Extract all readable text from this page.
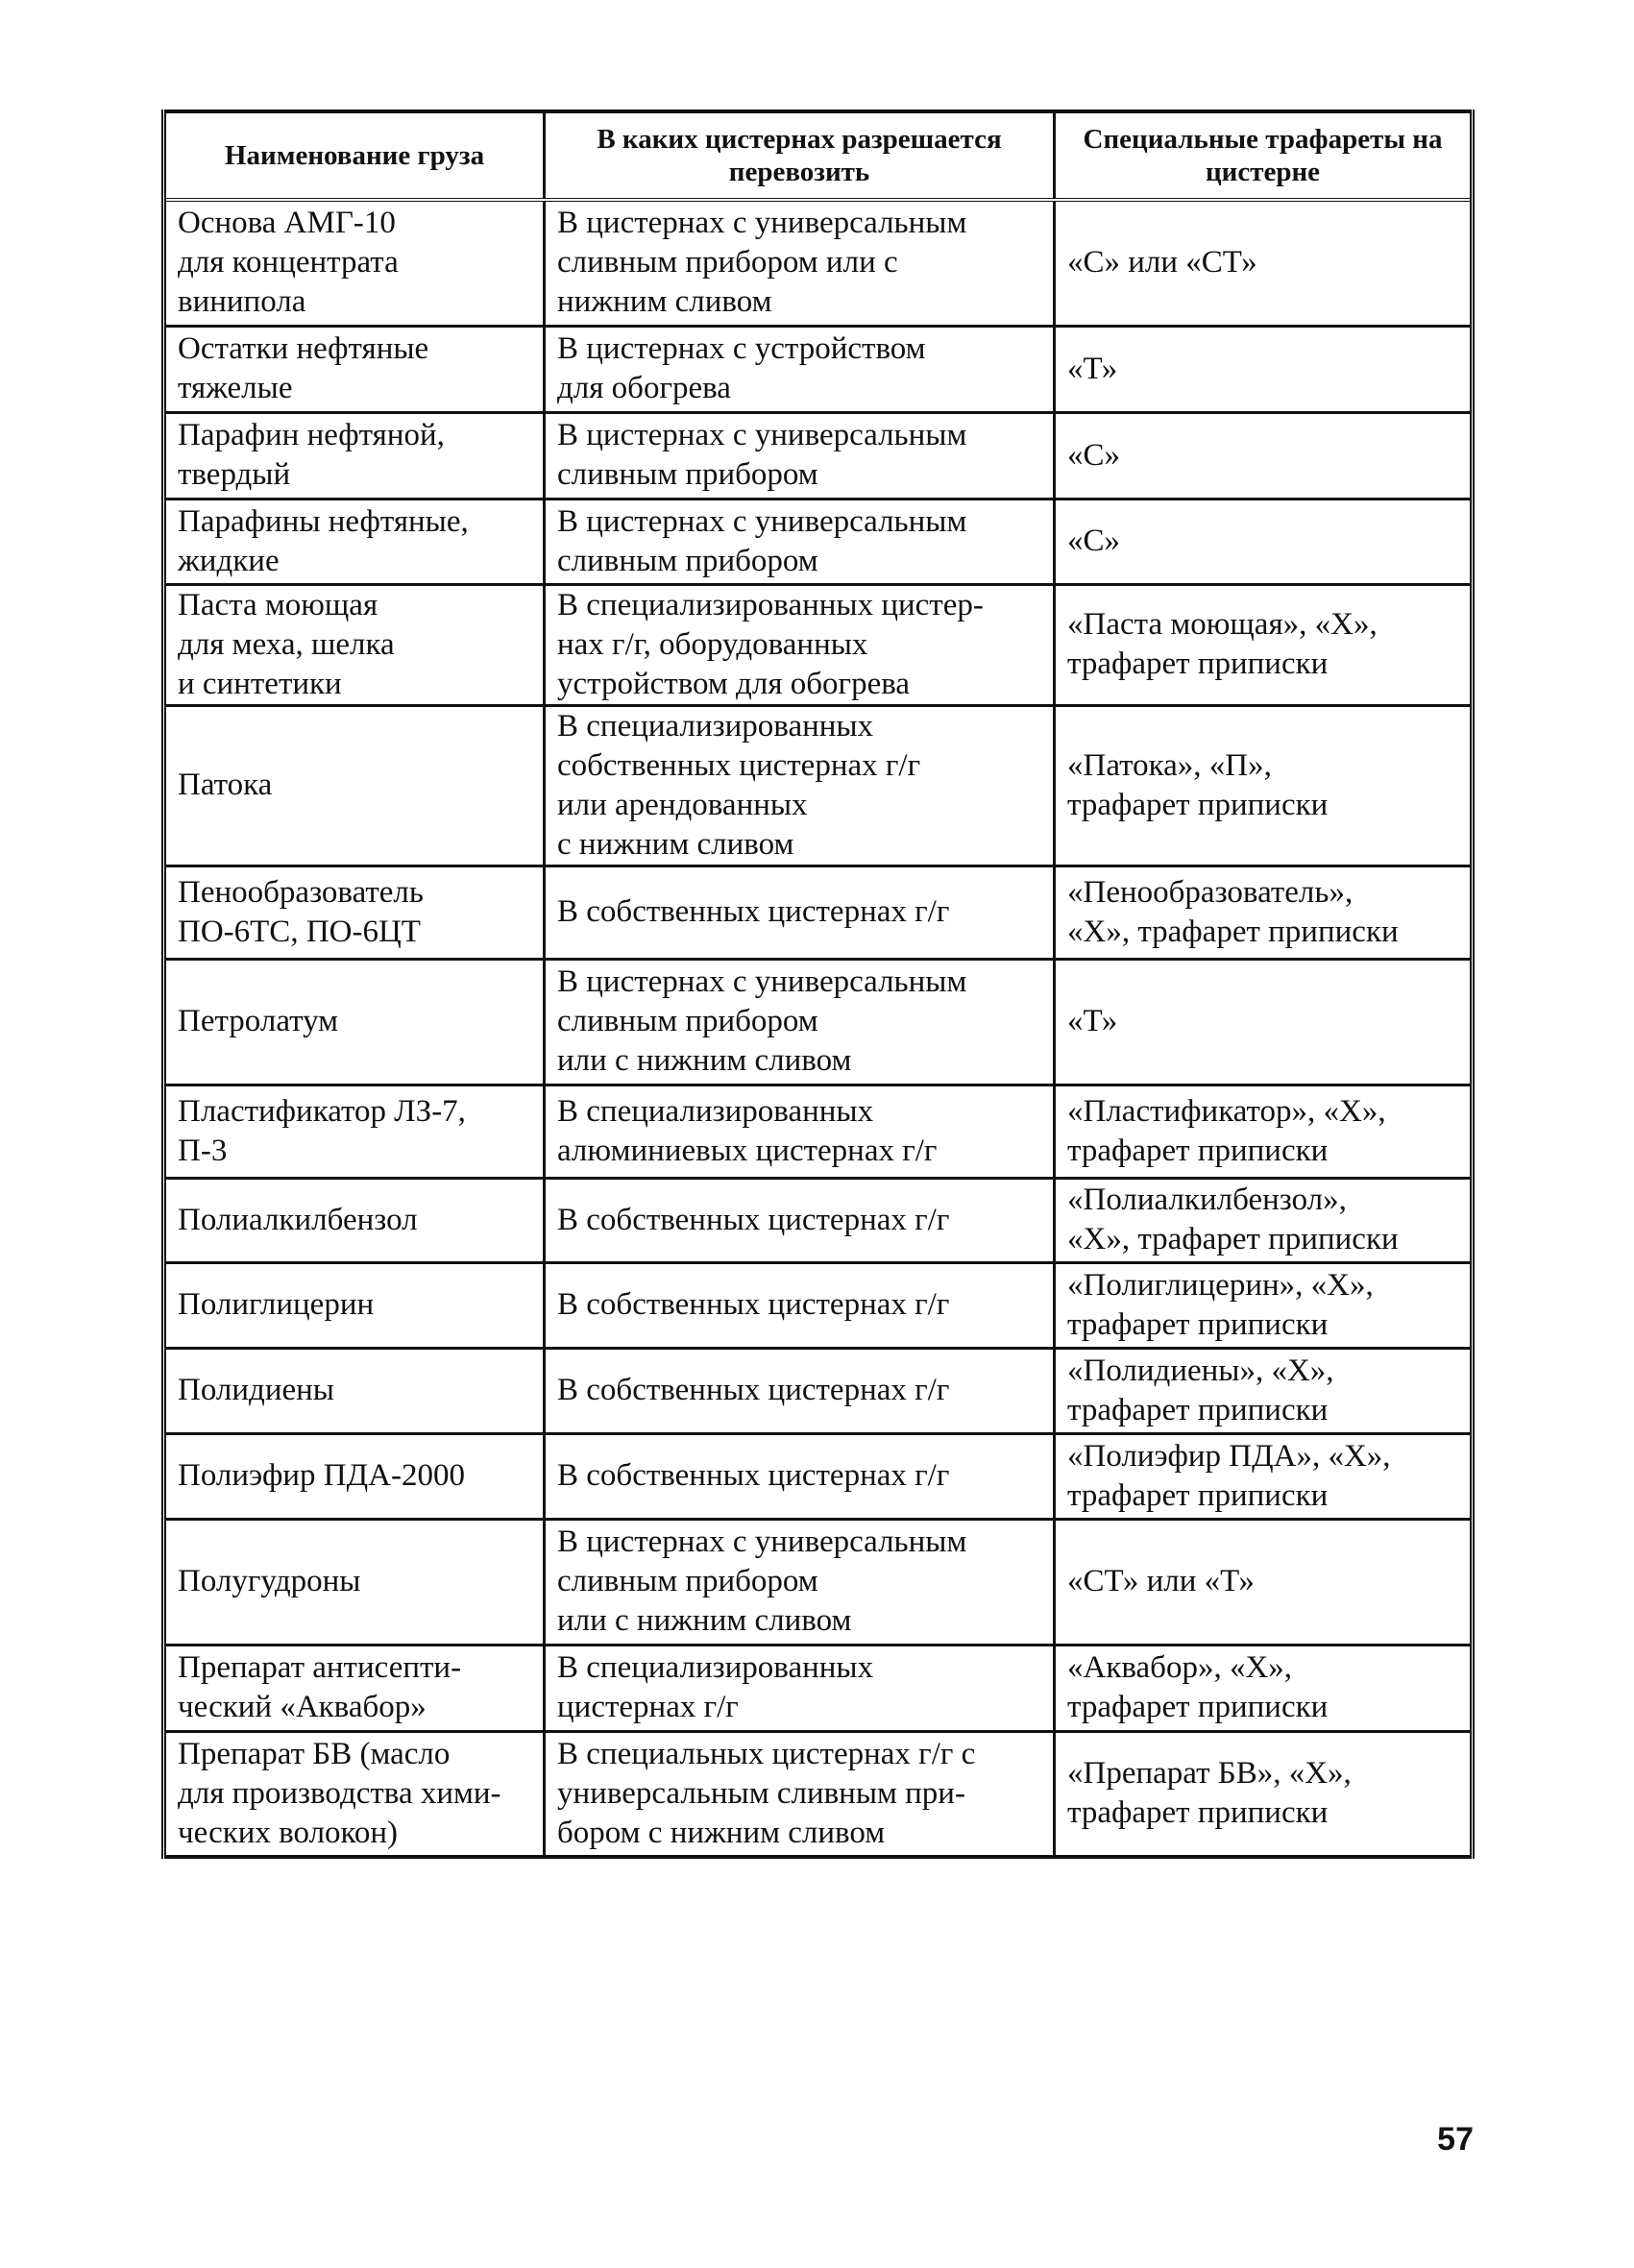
Наименование груза	В каких цистернах разрешается перевозить	Специальные трафареты на цистерне

Основа АМГ-10
для концентрата
винипола	В цистернах с универсальным
сливным прибором или с
нижним сливом	«С» или «СТ»

Остатки нефтяные
тяжелые	В цистернах с устройством
для обогрева	«Т»

Парафин нефтяной,
твердый	В цистернах с универсальным
сливным прибором	«С»

Парафины нефтяные,
жидкие	В цистернах с универсальным
сливным прибором	«С»

Паста моющая
для меха, шелка
и синтетики	В специализированных цистер-
нах г/г, оборудованных
устройством для обогрева	«Паста моющая», «X»,
трафарет приписки

Патока	В специализированных
собственных цистернах г/г
или арендованных
с нижним сливом	«Патока», «П»,
трафарет приписки

Пенообразователь
ПО-6ТС, ПО-6ЦТ	В собственных цистернах г/г	«Пенообразователь»,
«X», трафарет приписки

Петролатум	В цистернах с универсальным
сливным прибором
или с нижним сливом	«Т»

Пластификатор ЛЗ-7,
П-3	В специализированных
алюминиевых цистернах г/г	«Пластификатор», «X»,
трафарет приписки

Полиалкилбензол	В собственных цистернах г/г	«Полиалкилбензол»,
«X», трафарет приписки

Полиглицерин	В собственных цистернах г/г	«Полиглицерин», «X»,
трафарет приписки

Полидиены	В собственных цистернах г/г	«Полидиены», «X»,
трафарет приписки

Полиэфир ПДА-2000	В собственных цистернах г/г	«Полиэфир ПДА», «X»,
трафарет приписки

Полугудроны	В цистернах с универсальным
сливным прибором
или с нижним сливом	«СТ» или «Т»

Препарат антисепти-
ческий «Аквабор»	В специализированных
цистернах г/г	«Аквабор», «X»,
трафарет приписки

Препарат БВ (масло
для производства хими-
ческих волокон)	В специальных цистернах г/г с
универсальным сливным при-
бором с нижним сливом	«Препарат БВ», «X»,
трафарет приписки
57
